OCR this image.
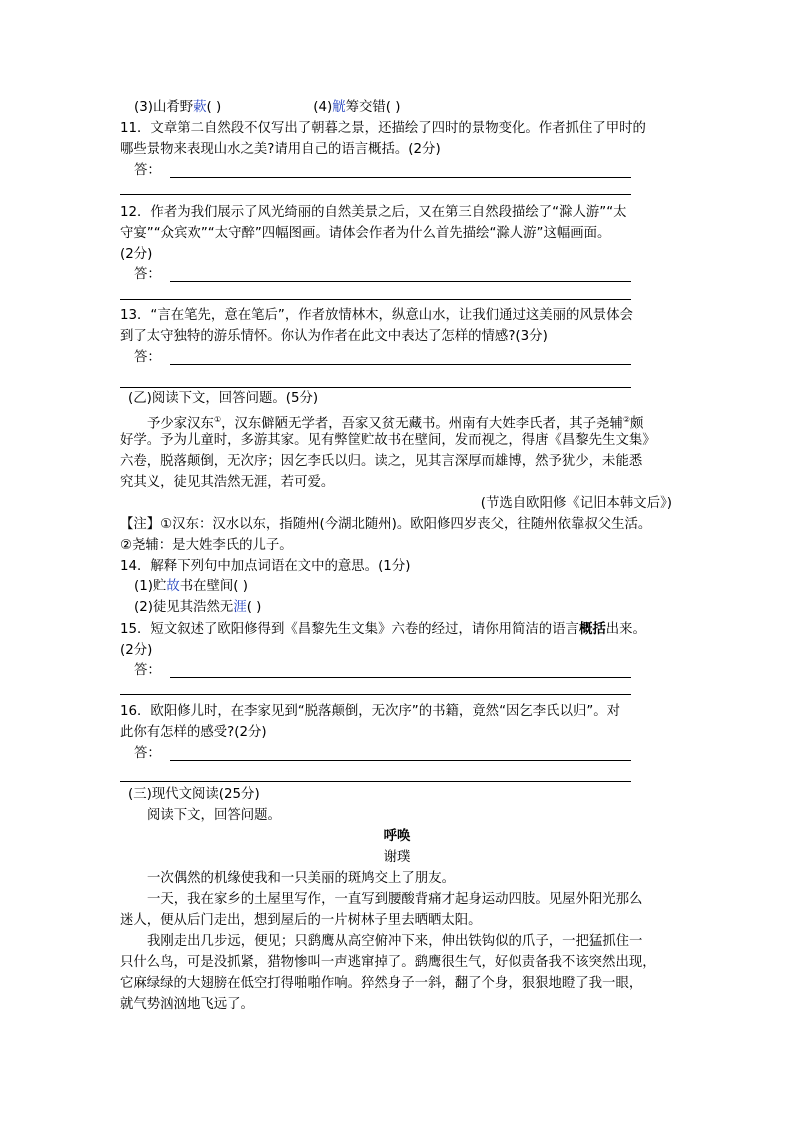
(3)山肴野蔌( )	(4)觥筹交错( )
11．文章第二自然段不仅写出了朝暮之景，还描绘了四时的景物变化。作者抓住了甲时的
哪些景物来表现山水之美?请用自己的语言概括。(2分)
答：
12．作者为我们展示了风光绮丽的自然美景之后，又在第三自然段描绘了“滁人游”“太
守宴”“众宾欢”“太守醉”四幅图画。请体会作者为什么首先描绘“滁人游”这幅画面。
(2分)
答：
13．“言在笔先，意在笔后”，作者放情林木，纵意山水，让我们通过这美丽的风景体会
到了太守独特的游乐情怀。你认为作者在此文中表达了怎样的情感?(3分)
答：
(乙)阅读下文，回答问题。(5分)
予少家汉东①，汉东僻陋无学者，吾家又贫无藏书。州南有大姓李氏者，其子尧辅②颇
好学。予为儿童时，多游其家。见有弊筐贮故书在壁间，发而视之，得唐《昌黎先生文集》
六卷，脱落颠倒，无次序；因乞李氏以归。读之，见其言深厚而雄博，然予犹少，未能悉
究其义，徒见其浩然无涯，若可爱。
(节选自欧阳修《记旧本韩文后》)
【注】①汉东：汉水以东，指随州(今湖北随州)。欧阳修四岁丧父，往随州依靠叔父生活。
②尧辅：是大姓李氏的儿子。
14．解释下列句中加点词语在文中的意思。(1分)
(1)贮故书在壁间( )
(2)徒见其浩然无涯( )
15．短文叙述了欧阳修得到《昌黎先生文集》六卷的经过，请你用简洁的语言概括出来。
(2分)
答：
16．欧阳修儿时，在李家见到“脱落颠倒，无次序”的书籍，竟然“因乞李氏以归”。对
此你有怎样的感受?(2分)
答：
(三)现代文阅读(25分)
阅读下文，回答问题。
呼唤
谢璞
一次偶然的机缘使我和一只美丽的斑鸠交上了朋友。
一天，我在家乡的土屋里写作，一直写到腰酸背痛才起身运动四肢。见屋外阳光那么
迷人，便从后门走出，想到屋后的一片树林子里去晒晒太阳。
我刚走出几步远，便见；只鹞鹰从高空俯冲下来，伸出铁钩似的爪子，一把猛抓住一
只什么鸟，可是没抓紧，猎物惨叫一声逃窜掉了。鹞鹰很生气，好似责备我不该突然出现，
它麻绿绿的大翅膀在低空打得啪啪作响。猝然身子一斜，翻了个身，狠狠地瞪了我一眼，
就气势汹汹地飞远了。
